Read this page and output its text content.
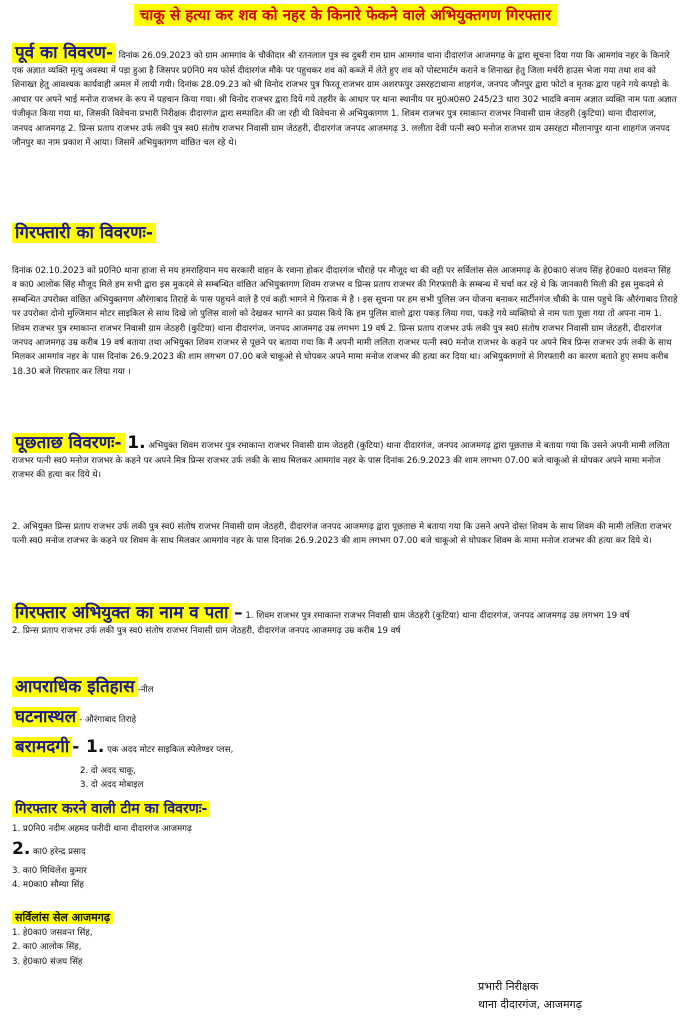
चाकू से हत्या कर शव को नहर के किनारे फेकने वाले अभियुक्तगण गिरफ्तार
पूर्व का विवरण- दिनांक 26.09.2023 को ग्राम आमगांव के चौकीदार श्री रतनलाल पुत्र स्व दुबरी राम ग्राम आमगाव थाना दीदारगंज आजमगढ़ के द्वारा सूचना दिया गया कि आमगांव नहर के किनारे एक अज्ञात व्यक्ति मृत्यु अवस्था में पड़ा हुआ है जिसपर प्र0नि0 मय फोर्स दीदारगंज मौके पर पहुचकर शव को कब्जे में लेते हुए शव को पोस्टमार्टम कराने व शिनाख्त हेतु जिला मर्चरी हाउस भेजा गया तथा शव को शिनाख्त हेतु आवश्यक कार्यवाही अमल में लायी गयी। दिनांक 28.09.23 को श्री विनोद राजभर पुत्र फिरतू राजभर ग्राम अशरफपुर उसरहटाथाना शाहगंज, जनपद जौनपुर द्वारा फोटो व मृतक द्वारा पहने गये कपड़ो के आधार पर अपने भाई मनोज राजभर के रूप में पहचान किया गया। श्री विनोद राजभर द्वारा दिये गये तहरीर के आधार पर थाना स्थानीय पर मु0अ0स0 245/23 धारा 302 भादवि बनाम अज्ञात व्यक्ति नाम पता अज्ञात पंजीकृत किया गया था, जिसकी विवेचना प्रभारी निरीक्षक दीदारगंज द्वारा सम्पादित की जा रही थी विवेचना से अभियुक्तगण 1. शिवम राजभर पुत्र रमाकान्त राजभर निवासी ग्राम जेठहरी (कुटिया) थाना दीदारगंज, जनपद आजमगढ़ 2. प्रिन्स प्रताप राजभर उर्फ लकी पुत्र स्व0 संतोष राजभर निवासी ग्राम जेठहरी, दीदारगंज जनपद आजमगढ़ 3. ललीता देवी पत्नी स्व0 मनोज राजभर ग्राम उसरहटा मौलानापुर थाना शाहगंज जनपद जौनपुर का नाम प्रकाश में आया। जिसमें अभियुक्तगण वांछित चल रहे थे।
गिरफ्तारी का विवरणः-
दिनांक 02.10.2023 को प्र0नि0 थाना हाजा से मय हमराहियान मय सरकारी वाहन के रवाना होकर दीदारगंज चौराहे पर मौजूद था की वही पर सर्विलांस सेल आजमगढ़ के हे0का0 संजय सिंह हे0का0 यशवन्त सिंह व का0 आलोक सिंह मौजूद मिले हम सभी द्वारा इस मुकदमे से सम्बन्धित वांछित अभियुक्तगण शिवम राजभर व प्रिन्स प्रताप राजभर की गिरफ्तारी के सम्बन्ध में चर्चा कर रहे थे कि जानकारी मिली की इस मुकदमे से सम्बन्धित उपरोक्त वांछित अभियुक्तगण औरंगाबाद तिराहे के पास पहुचने वाले है एवं कही भागने मे फिराक मे है । इस सूचना पर हम सभी पुलिस जन योजना बनाकर मार्टीनगंज चौकी के पास पहुचे कि औरंगाबाद तिराहे पर उपरोक्त दोनो मुल्जिमान मोटर साइकिल से साथ दिखे जो पुलिस वालो को देखकर भागने का प्रयास किये कि हम पुलिस वालो द्वारा पकड़ लिया गया, पकड़े गये व्यक्तियो से नाम पता पूछा गया तो अपना नाम 1. शिवम राजभर पुत्र रमाकान्त राजभर निवासी ग्राम जेठहरी (कुटिया) थाना दीदारगंज, जनपद आजमगढ़ उम्र लगभग 19 वर्ष 2. प्रिन्स प्रताप राजभर उर्फ लकी पुत्र स्व0 संतोष राजभर निवासी ग्राम जेठहरी, दीदारगंज जनपद आजमगढ़ उम्र करीब 19 वर्ष बताया तथा अभियुक्त शिवम राजभर से पूछने पर बताया गया कि मैं अपनी मामी ललिता राजभर पत्नी स्व0 मनोज राजभर के कहने पर अपने मित्र प्रिन्स राजभर उर्फ लकी के साथ मिलकर आमगांव नहर के पास दिनांक 26.9.2023 की शाम लगभग 07.00 बजे चाकूओ से घोपकर अपने मामा मनोज राजभर की हत्या कर दिया था। अभियुक्तगणो से गिरफ्तारी का कारण बताते हुए समय करीब 18.30 बजे गिरफ्तार कर लिया गया ।
पूछताछ विवरणः- 1. अभियुक्त शिवम राजभर पुत्र रमाकान्त राजभर निवासी ग्राम जेठहरी (कुटिया) थाना दीदारगंज, जनपद आजमगढ़ द्वारा पूछताछ मे बताया गया कि उसने अपनी मामी ललिता राजभर पत्नी स्व0 मनोज राजभर के कहने पर अपने मित्र प्रिन्स राजभर उर्फ लकी के साथ मिलकर आमगांव नहर के पास दिनांक 26.9.2023 की शाम लगभग 07.00 बजे चाकूओ से घोपकर अपने मामा मनोज राजभर की हत्या कर दिये थे।
2. अभियुक्त प्रिन्स प्रताप राजभर उर्फ लकी पुत्र स्व0 संतोष राजभर निवासी ग्राम जेठहरी, दीदारगंज जनपद आजमगढ़ द्वारा पूछताछ मे बताया गया कि उसने अपने दोस्त शिवम के साथ शिवम की मामी ललिता राजभर पत्नी स्व0 मनोज राजभर के कहने पर शिवम के साथ मिलकर आमगांव नहर के पास दिनांक 26.9.2023 की शाम लगभग 07.00 बजे चाकूओ से घोपकर शिवम के मामा मनोज राजभर की हत्या कर दिये थे।
गिरफ्तार अभियुक्त का नाम व पता – 1. शिवम राजभर पुत्र रमाकान्त राजभर निवासी ग्राम जेठहरी (कुटिया) थाना दीदारगंज, जनपद आजमगढ़ उम्र लगभग 19 वर्ष
2. प्रिन्स प्रताप राजभर उर्फ लकी पुत्र स्व0 संतोष राजभर निवासी ग्राम जेठहरी, दीदारगंज जनपद आजमगढ़ उम्र करीब 19 वर्ष
आपराधिक इतिहास -नील
घटनास्थल - औरंगाबाद तिराहे
बरामदगी - 1. एक अदद मोटर साइकिल स्पेलेण्डर प्लस,
2. दो अदद चाकू,
3. दो अदद मोबाइल
गिरफ्तार करने वाली टीम का विवरणः-
1. प्र0नि0 नदीम अहमद फरीदी थाना दीदारगंज आजमगढ़
2. का0 हरेन्द्र प्रसाद
3. का0 मिथिलेश कुमार
4. म0का0 सौम्या सिंह
सर्विलांस सेल आजमगढ़
1. हे0का0 जसवन्त सिंह,
2. का0 आलोक सिंह,
3. हे0का0 संजय सिंह
प्रभारी निरीक्षक
थाना दीदारगंज, आजमगढ़
